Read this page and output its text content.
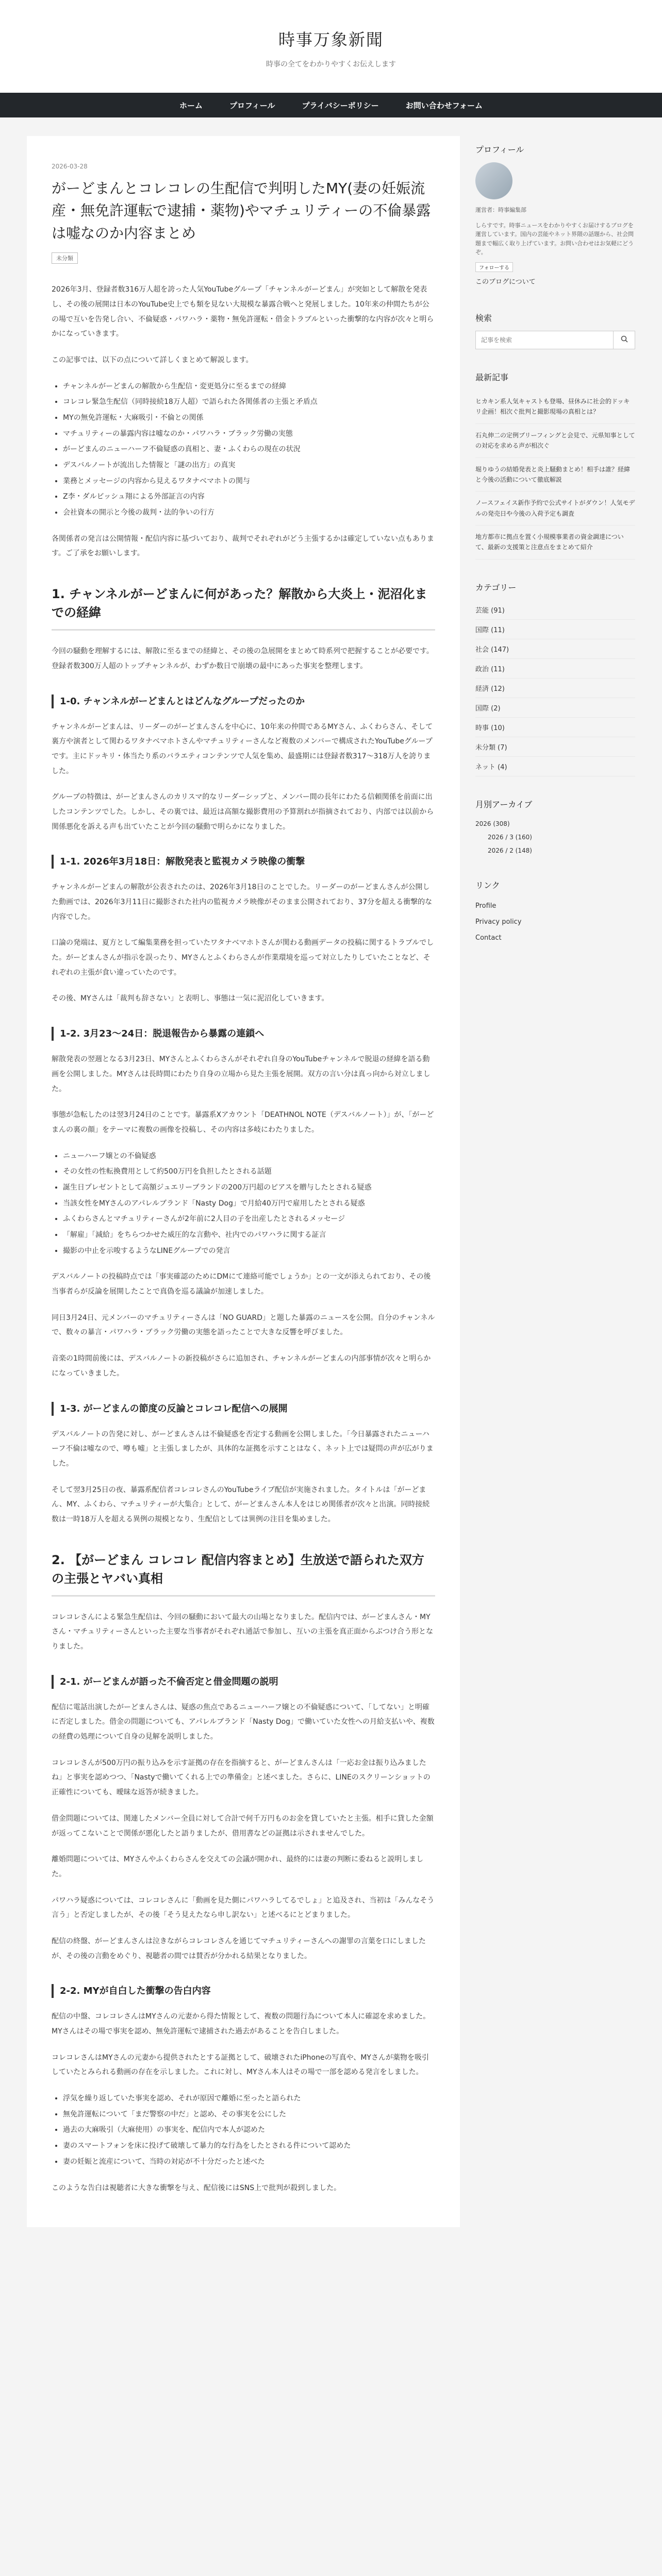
時事万象新聞
時事の全てをわかりやすくお伝えします
ホーム	プロフィール	プライバシーポリシー	お問い合わせフォーム
2026-03-28
がーどまんとコレコレの生配信で判明したMY(妻の妊娠流産・無免許運転で逮捕・薬物)やマチュリティーの不倫暴露は嘘なのか内容まとめ
未分類

2026年3月、登録者数316万人超を誇った人気YouTubeグループ「チャンネルがーどまん」が突如として解散を発表し、その後の展開は日本のYouTube史上でも類を見ない大規模な暴露合戦へと発展しました。10年来の仲間たちが公の場で互いを告発し合い、不倫疑惑・パワハラ・薬物・無免許運転・借金トラブルといった衝撃的な内容が次々と明らかになっていきます。

この記事では、以下の点について詳しくまとめて解説します。

• チャンネルがーどまんの解散から生配信・変更処分に至るまでの経緯
• コレコレ緊急生配信（同時接続18万人超）で語られた各関係者の主張と矛盾点
• MYの無免許運転・大麻吸引・不倫との関係
• マチュリティーの暴露内容は嘘なのか・パワハラ・ブラック労働の実態
• がーどまんのニューハーフ不倫疑惑の真相と、妻・ふくわらの現在の状況
• デスバルノートが流出した情報と「謎の出方」の真実
• 業務とメッセージの内容から見えるワタナベマホトの関与
• Z李・ダルビッシュ翔による外部証言の内容
• 会社資本の開示と今後の裁判・法的争いの行方

各関係者の発言は公開情報・配信内容に基づいており、裁判でそれぞれがどう主張するかは確定していない点もあります。ご了承をお願いします。

1. チャンネルがーどまんに何があった？解散から大炎上・泥沼化までの経緯

今回の騒動を理解するには、解散に至るまでの経緯と、その後の急展開をまとめて時系列で把握することが必要です。登録者数300万人超のトップチャンネルが、わずか数日で崩壊の最中にあった事実を整理します。

1-0. チャンネルがーどまんとはどんなグループだったのか

チャンネルがーどまんは、リーダーのがーどまんさんを中心に、10年来の仲間であるMYさん、ふくわらさん、そして裏方や演者として関わるワタナベマホトさんやマチュリティーさんなど複数のメンバーで構成されたYouTubeグループです。主にドッキリ・体当たり系のバラエティコンテンツで人気を集め、最盛期には登録者数317〜318万人を誇りました。

グループの特徴は、がーどまんさんのカリスマ的なリーダーシップと、メンバー間の長年にわたる信頼関係を前面に出したコンテンツでした。しかし、その裏では、最近は高額な撮影費用の予算割れが指摘されており、内部では以前から関係悪化を訴える声も出ていたことが今回の騒動で明らかになりました。

1-1. 2026年3月18日：解散発表と監視カメラ映像の衝撃

チャンネルがーどまんの解散が公表されたのは、2026年3月18日のことでした。リーダーのがーどまんさんが公開した動画では、2026年3月11日に撮影された社内の監視カメラ映像がそのまま公開されており、37分を超える衝撃的な内容でした。

口論の発端は、夏方として編集業務を担っていたワタナベマホトさんが関わる動画データの投稿に関するトラブルでした。がーどまんさんが指示を誤ったり、MYさんとふくわらさんが作業環境を巡って対立したりしていたことなど、それぞれの主張が食い違っていたのです。

その後、MYさんは「裁判も辞さない」と表明し、事態は一気に泥沼化していきます。

1-2. 3月23〜24日：脱退報告から暴露の連鎖へ

解散発表の翌週となる3月23日、MYさんとふくわらさんがそれぞれ自身のYouTubeチャンネルで脱退の経緯を語る動画を公開しました。MYさんは長時間にわたり自身の立場から見た主張を展開。双方の言い分は真っ向から対立しました。

事態が急転したのは翌3月24日のことです。暴露系Xアカウント「DEATHNOL NOTE（デスバルノート）」が、「がーどまんの裏の顔」をテーマに複数の画像を投稿し、その内容は多岐にわたりました。

• ニューハーフ嬢との不倫疑惑
• その女性の性転換費用として約500万円を負担したとされる話題
• 誕生日プレゼントとして高額ジュエリーブランドの200万円超のピアスを贈与したとされる疑惑
• 当該女性をMYさんのアパレルブランド「Nasty Dog」で月給40万円で雇用したとされる疑惑
• ふくわらさんとマチュリティーさんが2年前に2人目の子を出産したとされるメッセージ
• 「解雇」「減給」をちらつかせた威圧的な言動や、社内でのパワハラに関する証言
• 撮影の中止を示唆するようなLINEグループでの発言

デスバルノートの投稿時点では「事実確認のためにDMにて連絡可能でしょうか」との一文が添えられており、その後当事者らが反論を展開したことで真偽を巡る議論が加速しました。

同日3月24日、元メンバーのマチュリティーさんは「NO GUARD」と題した暴露のニュースを公開。自分のチャンネルで、数々の暴言・パワハラ・ブラック労働の実態を語ったことで大きな反響を呼びました。

音楽の1時間前後には、デスバルノートの新投稿がさらに追加され、チャンネルがーどまんの内部事情が次々と明らかになっていきました。

1-3. がーどまんの節度の反論とコレコレ配信への展開

デスバルノートの告発に対し、がーどまんさんは不倫疑惑を否定する動画を公開しました。「今日暴露されたニューハーフ不倫は嘘なので、噂も嘘」と主張しましたが、具体的な証拠を示すことはなく、ネット上では疑問の声が広がりました。

そして翌3月25日の夜、暴露系配信者コレコレさんのYouTubeライブ配信が実施されました。タイトルは「がーどまん、MY、ふくわら、マチュリティーが大集合」として、がーどまんさん本人をはじめ関係者が次々と出演。同時接続数は一時18万人を超える異例の規模となり、生配信としては異例の注目を集めました。

2. 【がーどまん コレコレ 配信内容まとめ】生放送で語られた双方の主張とヤバい真相

コレコレさんによる緊急生配信は、今回の騒動において最大の山場となりました。配信内では、がーどまんさん・MYさん・マチュリティーさんといった主要な当事者がそれぞれ通話で参加し、互いの主張を真正面からぶつけ合う形となりました。

2-1. がーどまんが語った不倫否定と借金問題の説明

配信に電話出演したがーどまんさんは、疑惑の焦点であるニューハーフ嬢との不倫疑惑について、「してない」と明確に否定しました。借金の問題についても、アパレルブランド「Nasty Dog」で働いていた女性への月給支払いや、複数の経費の処理について自身の見解を説明しました。

コレコレさんが500万円の振り込みを示す証拠の存在を指摘すると、がーどまんさんは「一応お金は振り込みましたね」と事実を認めつつ、「Nastyで働いてくれる上での準備金」と述べました。さらに、LINEのスクリーンショットの正確性についても、曖昧な返答が続きました。

借金問題については、関連したメンバー全員に対して合計で何千万円ものお金を貸していたと主張。相手に貸した金額が返ってこないことで関係が悪化したと語りましたが、借用書などの証拠は示されませんでした。

離婚問題については、MYさんやふくわらさんを交えての会議が開かれ、最終的には妻の判断に委ねると説明しました。

パワハラ疑惑については、コレコレさんに「動画を見た側にパワハラしてるでしょ」と追及され、当初は「みんなそう言う」と否定しましたが、その後「そう見えたなら申し訳ない」と述べるにとどまりました。

配信の終盤、がーどまんさんは泣きながらコレコレさんを通じてマチュリティーさんへの謝罪の言葉を口にしましたが、その後の言動をめぐり、視聴者の間では賛否が分かれる結果となりました。

2-2. MYが自白した衝撃の告白内容

配信の中盤、コレコレさんはMYさんの元妻から得た情報として、複数の問題行為について本人に確認を求めました。MYさんはその場で事実を認め、無免許運転で逮捕された過去があることを告白しました。

コレコレさんはMYさんの元妻から提供されたとする証拠として、破壊されたiPhoneの写真や、MYさんが薬物を吸引していたとみられる動画の存在を示しました。これに対し、MYさん本人はその場で一部を認める発言をしました。

• 浮気を繰り返していた事実を認め、それが原因で離婚に至ったと語られた
• 無免許運転について「まだ警察の中だ」と認め、その事実を公にした
• 過去の大麻吸引（大麻使用）の事実を、配信内で本人が認めた
• 妻のスマートフォンを床に投げて破壊して暴力的な行為をしたとされる件について認めた
• 妻の妊娠と流産について、当時の対応が不十分だったと述べた

このような告白は視聴者に大きな衝撃を与え、配信後にはSNS上で批判が殺到しました。

プロフィール
運営者：時事編集部
しらすです。時事ニュースをわかりやすくお届けするブログを運営しています。国内の芸能やネット界隈の話題から、社会問題まで幅広く取り上げています。お問い合わせはお気軽にどうぞ。
フォローする
このブログについて
検索
記事を検索
最新記事
ヒカキン系人気キャストも登場、昼休みに社会的ドッキリ企画！相次ぐ批判と撮影現場の真相とは？
石丸伸二の定例ブリーフィングと会見で、元県知事としての対応を求める声が相次ぐ
堀りゆうの結婚発表と炎上騒動まとめ！相手は誰？経緯と今後の活動について徹底解説
ノースフェイス新作予約で公式サイトがダウン！人気モデルの発売日や今後の入荷予定も調査
地方都市に拠点を置く小規模事業者の資金調達について、最新の支援策と注意点をまとめて紹介
カテゴリー
芸能 (91)
国際 (11)
社会 (147)
政治 (11)
経済 (12)
国際 (2)
時事 (10)
未分類 (7)
ネット (4)
月別アーカイブ
2026 (308)
2026 / 3 (160)
2026 / 2 (148)
リンク
Profile
Privacy policy
Contact
